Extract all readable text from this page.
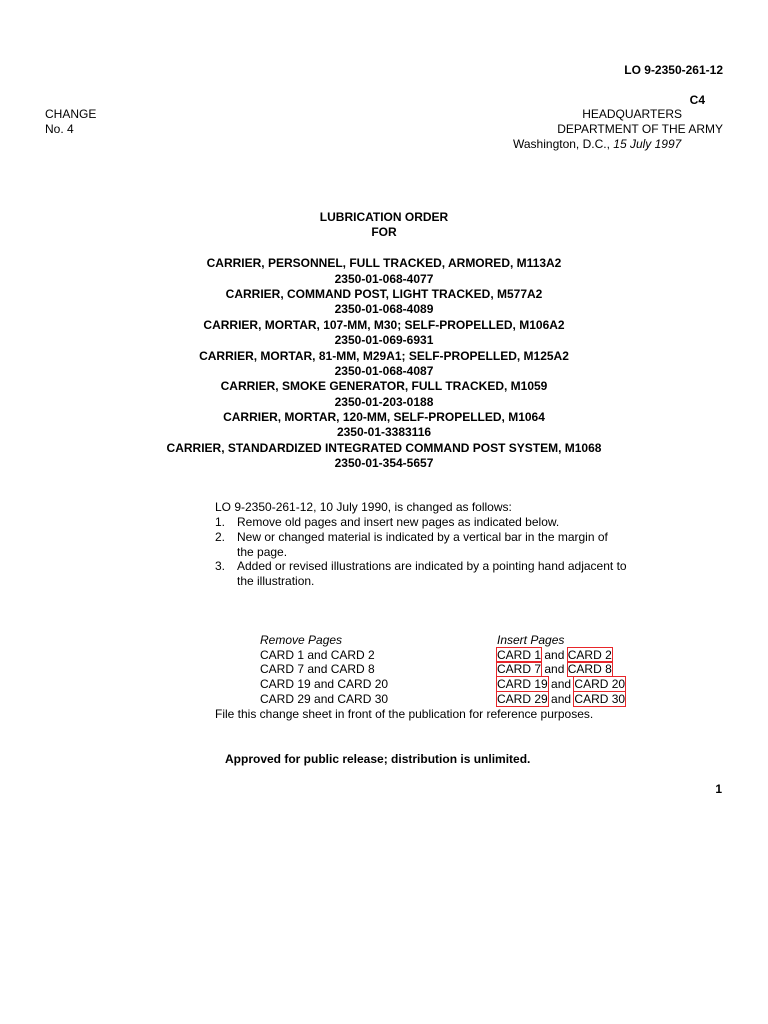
LO 9-2350-261-12
C4
CHANGE
No. 4
HEADQUARTERS
DEPARTMENT OF THE ARMY
Washington, D.C., 15 July 1997
LUBRICATION ORDER
FOR
CARRIER, PERSONNEL, FULL TRACKED, ARMORED, M113A2
2350-01-068-4077
CARRIER, COMMAND POST, LIGHT TRACKED, M577A2
2350-01-068-4089
CARRIER, MORTAR, 107-MM, M30; SELF-PROPELLED, M106A2
2350-01-069-6931
CARRIER, MORTAR, 81-MM, M29A1; SELF-PROPELLED, M125A2
2350-01-068-4087
CARRIER, SMOKE GENERATOR, FULL TRACKED, M1059
2350-01-203-0188
CARRIER, MORTAR, 120-MM, SELF-PROPELLED, M1064
2350-01-3383116
CARRIER, STANDARDIZED INTEGRATED COMMAND POST SYSTEM, M1068
2350-01-354-5657
LO 9-2350-261-12, 10 July 1990, is changed as follows:
1. Remove old pages and insert new pages as indicated below.
2. New or changed material is indicated by a vertical bar in the margin of
the page.
3. Added or revised illustrations are indicated by a pointing hand adjacent to
the illustration.
Remove Pages	Insert Pages
CARD 1 and CARD 2	CARD 1 and CARD 2
CARD 7 and CARD 8	CARD 7 and CARD 8
CARD 19 and CARD 20	CARD 19 and CARD 20
CARD 29 and CARD 30	CARD 29 and CARD 30
File this change sheet in front of the publication for reference purposes.
Approved for public release; distribution is unlimited.
1
